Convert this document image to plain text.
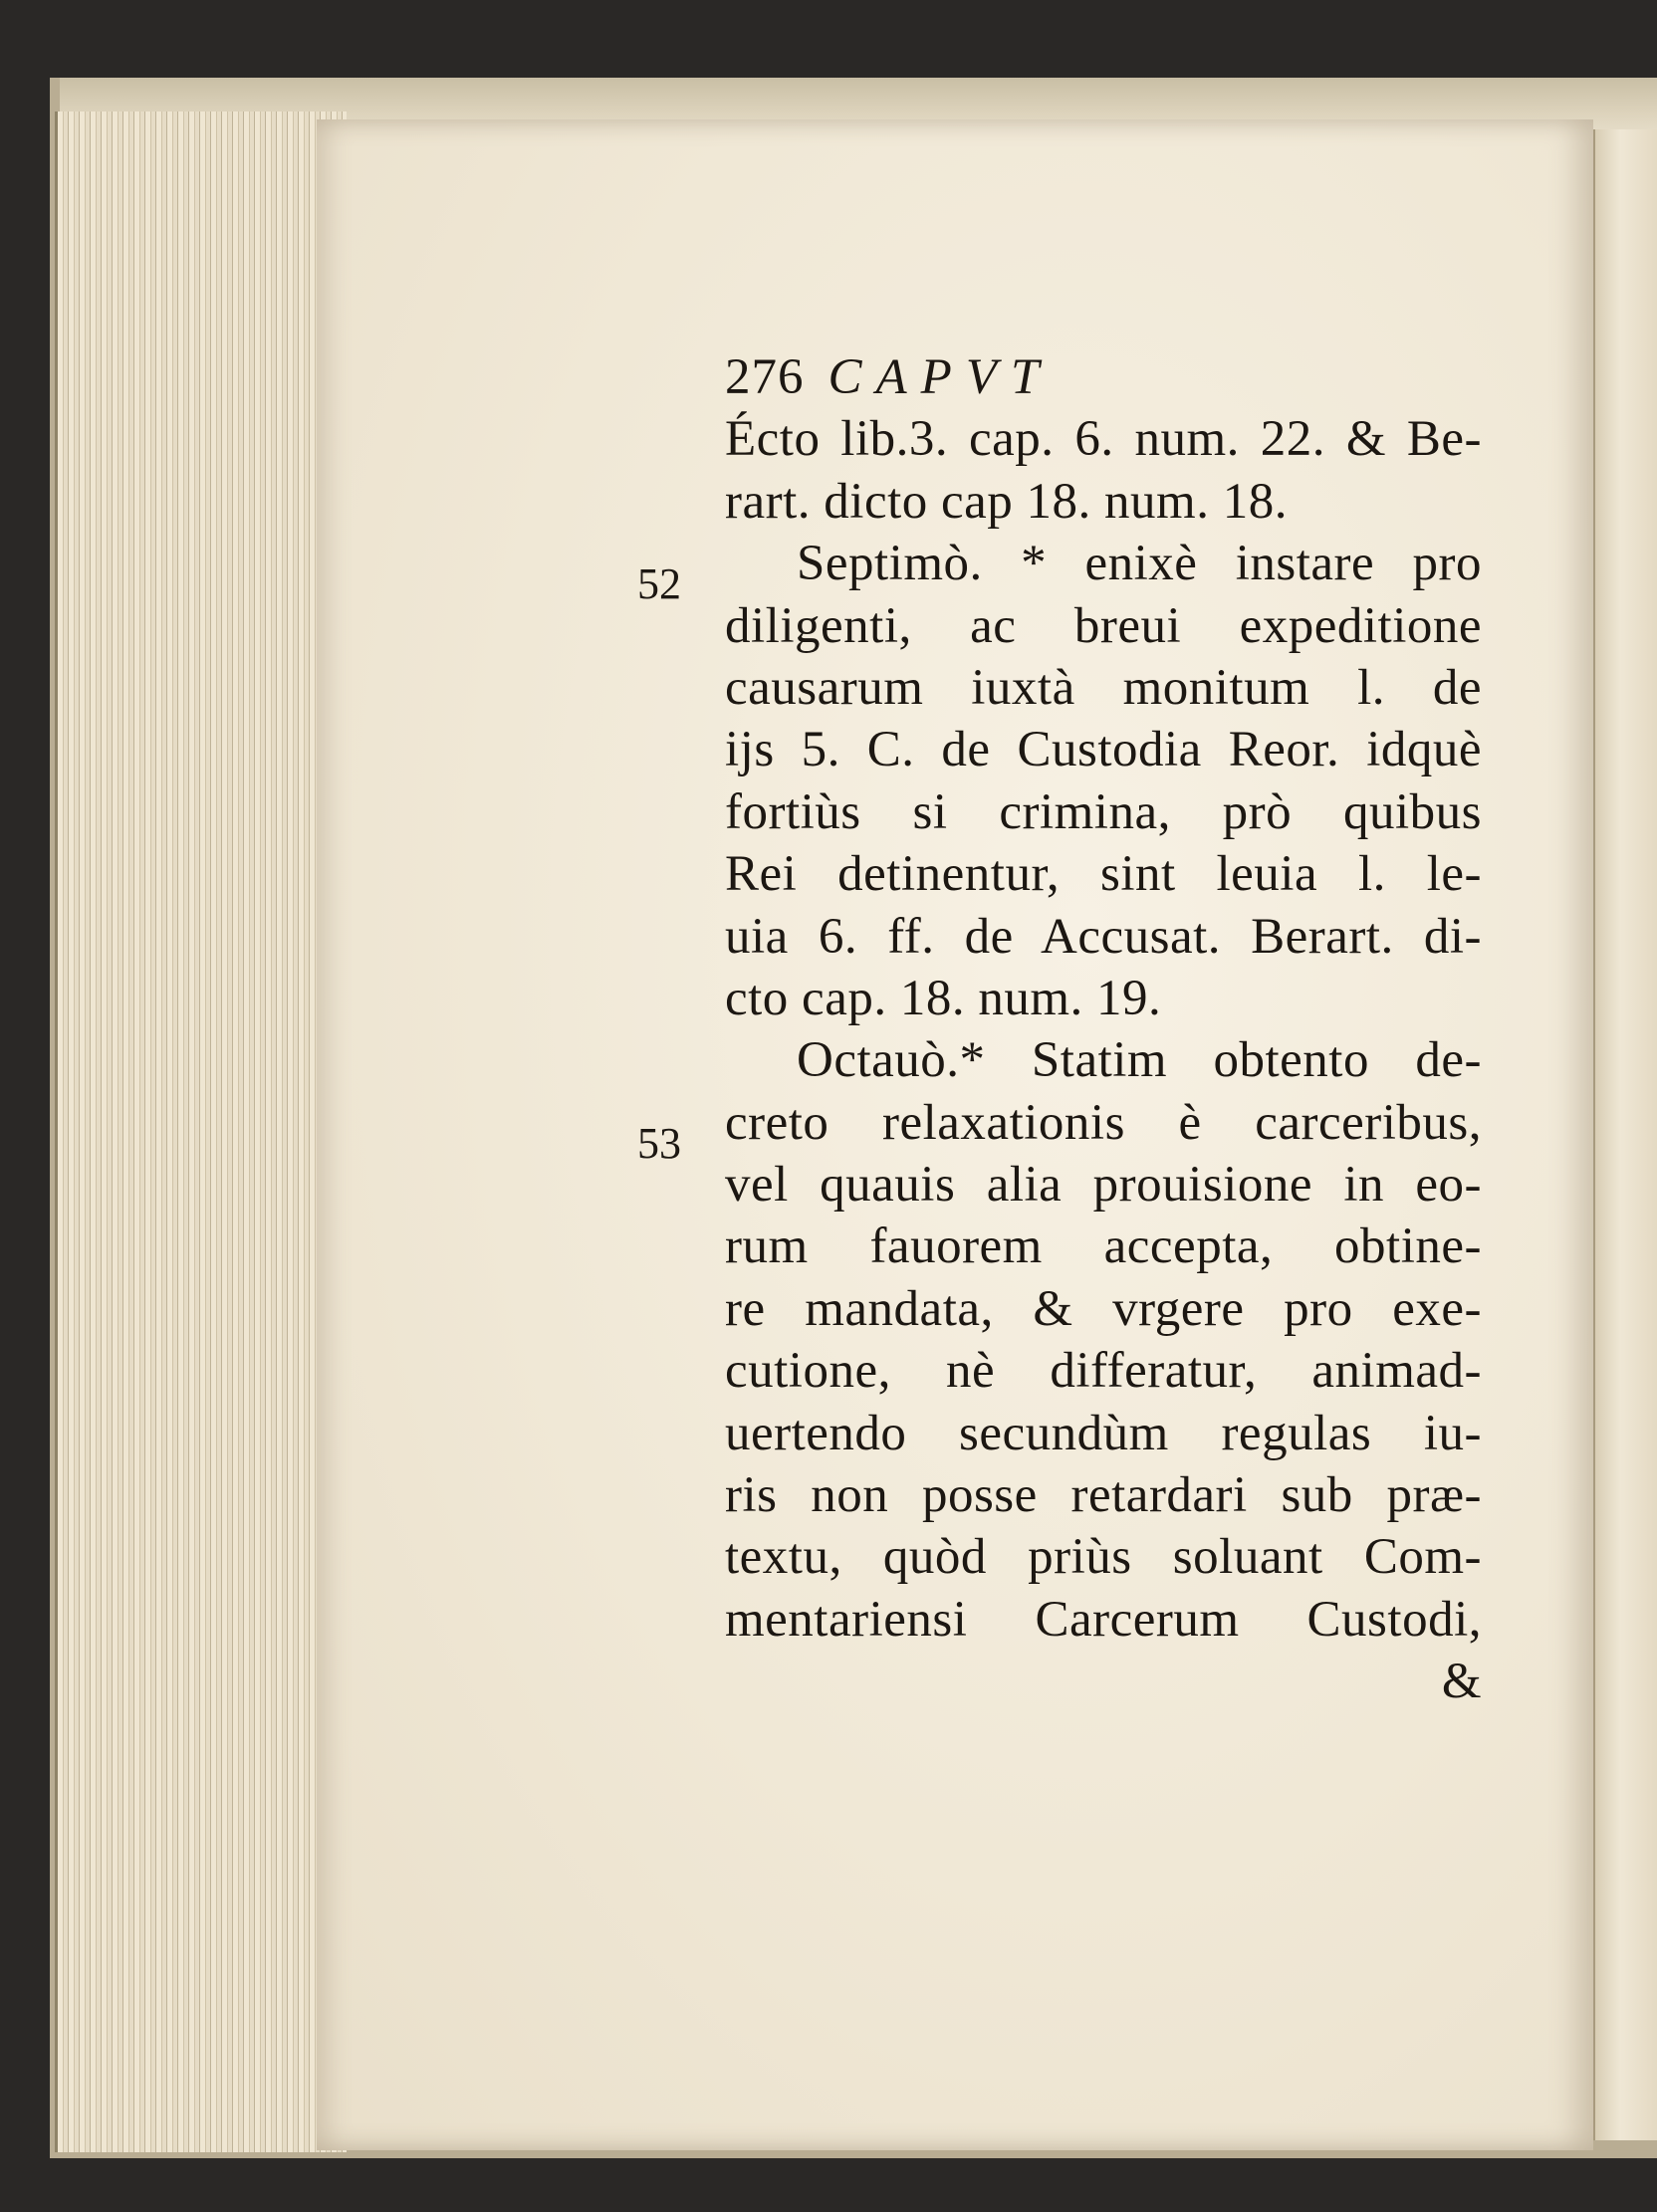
52
53
276 CAPVT
Écto lib.3. cap. 6. num. 22. & Be-
rart. dicto cap 18. num. 18.
Septimò. * enixè instare pro
diligenti, ac breui expeditione
causarum iuxtà monitum l. de
ijs 5. C. de Custodia Reor. idquè
fortiùs si crimina, prò quibus
Rei detinentur, sint leuia l. le-
uia 6. ff. de Accusat. Berart. di-
cto cap. 18. num. 19.
Octauò.* Statim obtento de-
creto relaxationis è carceribus,
vel quauis alia prouisione in eo-
rum fauorem accepta, obtine-
re mandata, & vrgere pro exe-
cutione, nè differatur, animad-
uertendo secundùm regulas iu-
ris non posse retardari sub præ-
textu, quòd priùs soluant Com-
mentariensi Carcerum Custodi,
&
